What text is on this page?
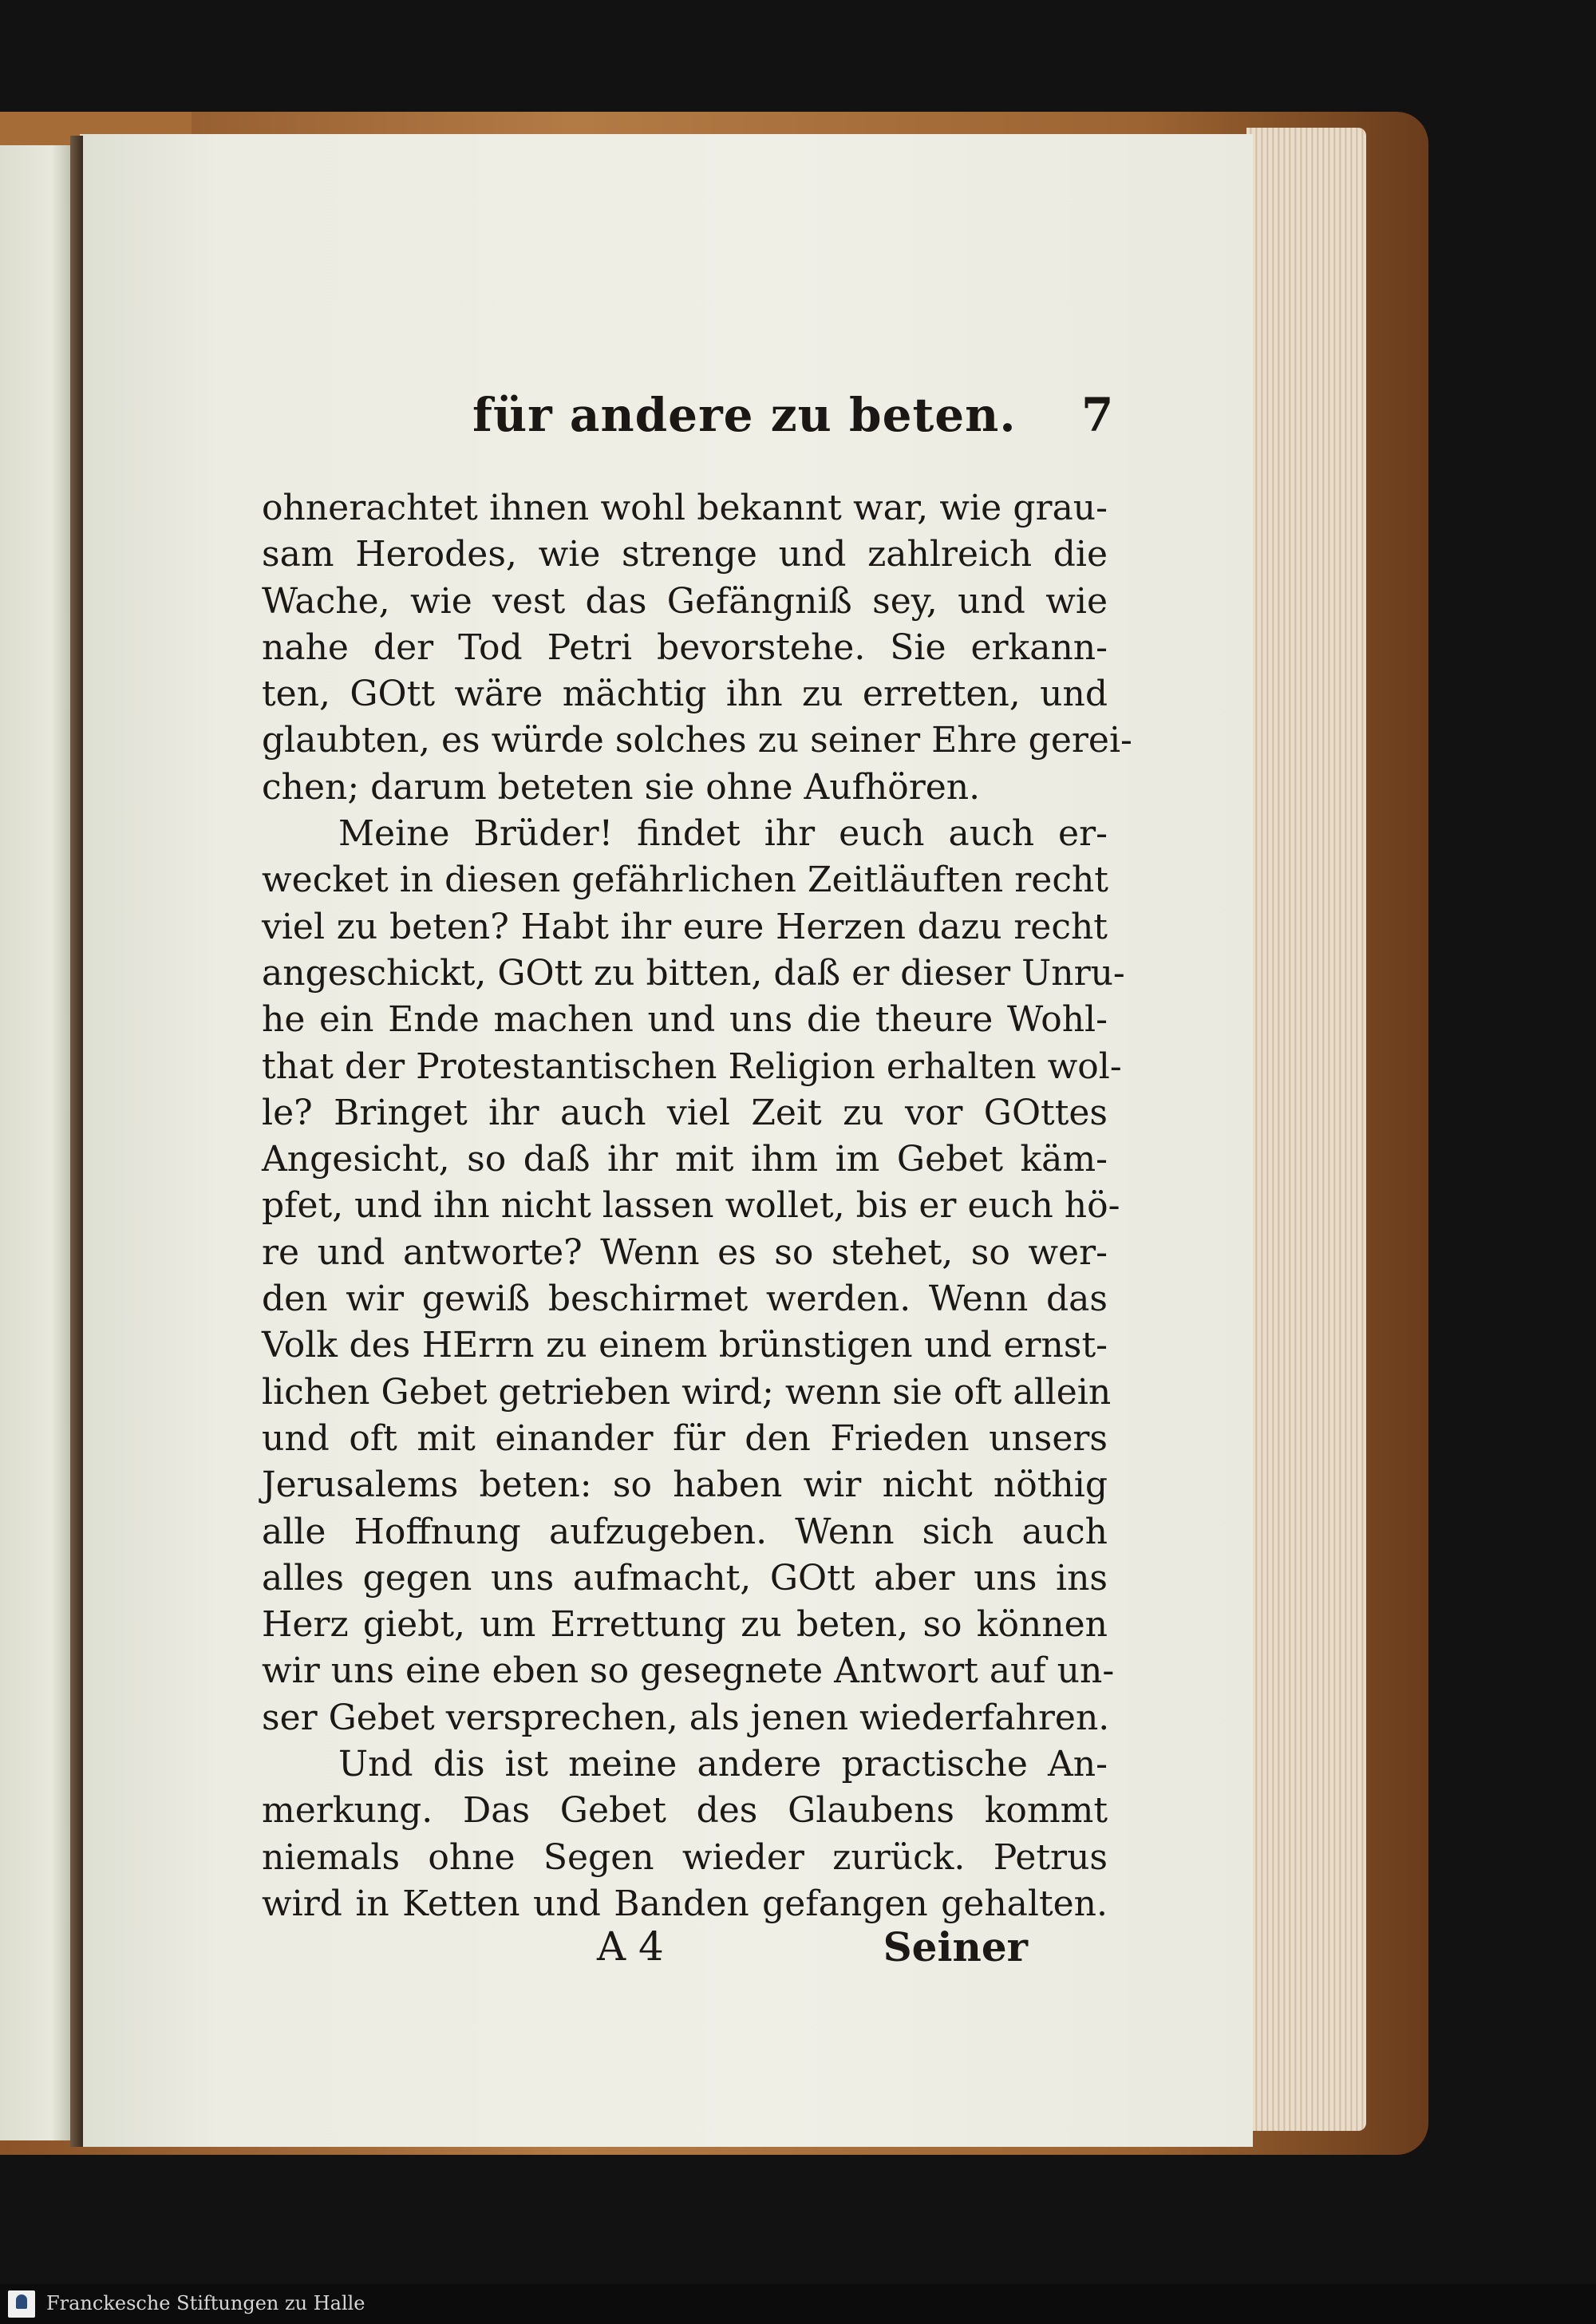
für andere zu beten. 7
ohnerachtet ihnen wohl bekannt war, wie grau-
sam Herodes, wie strenge und zahlreich die
Wache, wie vest das Gefängniß sey, und wie
nahe der Tod Petri bevorstehe. Sie erkann-
ten, GOtt wäre mächtig ihn zu erretten, und
glaubten, es würde solches zu seiner Ehre gerei-
chen; darum beteten sie ohne Aufhören.
Meine Brüder! findet ihr euch auch er-
wecket in diesen gefährlichen Zeitläuften recht
viel zu beten? Habt ihr eure Herzen dazu recht
angeschickt, GOtt zu bitten, daß er dieser Unru-
he ein Ende machen und uns die theure Wohl-
that der Protestantischen Religion erhalten wol-
le? Bringet ihr auch viel Zeit zu vor GOttes
Angesicht, so daß ihr mit ihm im Gebet käm-
pfet, und ihn nicht lassen wollet, bis er euch hö-
re und antworte? Wenn es so stehet, so wer-
den wir gewiß beschirmet werden. Wenn das
Volk des HErrn zu einem brünstigen und ernst-
lichen Gebet getrieben wird; wenn sie oft allein
und oft mit einander für den Frieden unsers
Jerusalems beten: so haben wir nicht nöthig
alle Hoffnung aufzugeben. Wenn sich auch
alles gegen uns aufmacht, GOtt aber uns ins
Herz giebt, um Errettung zu beten, so können
wir uns eine eben so gesegnete Antwort auf un-
ser Gebet versprechen, als jenen wiederfahren.
Und dis ist meine andere practische An-
merkung. Das Gebet des Glaubens kommt
niemals ohne Segen wieder zurück. Petrus
wird in Ketten und Banden gefangen gehalten.
A 4	Seiner
Franckesche Stiftungen zu Halle
